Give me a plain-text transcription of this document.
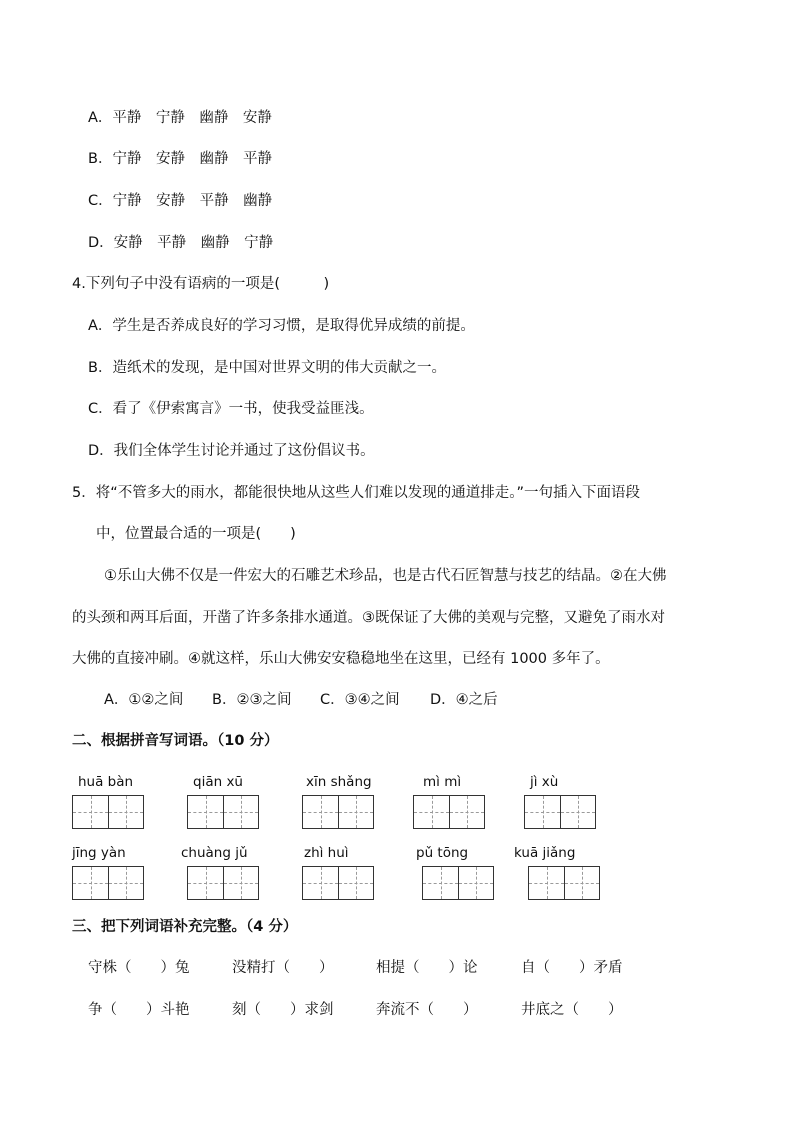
A．平静　宁静　幽静　安静
B．宁静　安静　幽静　平静
C．宁静　安静　平静　幽静
D．安静　平静　幽静　宁静
4.下列句子中没有语病的一项是(　　　)
A．学生是否养成良好的学习习惯，是取得优异成绩的前提。
B．造纸术的发现，是中国对世界文明的伟大贡献之一。
C．看了《伊索寓言》一书，使我受益匪浅。
D．我们全体学生讨论并通过了这份倡议书。
5．将“不管多大的雨水，都能很快地从这些人们难以发现的通道排走。”一句插入下面语段
中，位置最合适的一项是(　　)
①乐山大佛不仅是一件宏大的石雕艺术珍品，也是古代石匠智慧与技艺的结晶。②在大佛
的头颈和两耳后面，开凿了许多条排水通道。③既保证了大佛的美观与完整，又避免了雨水对
大佛的直接冲刷。④就这样，乐山大佛安安稳稳地坐在这里，已经有 1000 多年了。
A．①②之间 B．②③之间 C．③④之间 D．④之后
二、根据拼音写词语。（10 分）
huā bàn	qiān xū	xīn shǎng	mì mì	jì xù
jīng yàn	chuàng jǔ	zhì huì	pǔ tōng	kuā jiǎng
三、把下列词语补充完整。（4 分）
守株（　　）兔	没精打（　　）	相提（　　）论	自（　　）矛盾
争（　　）斗艳	刻（　　）求剑	奔流不（　　）	井底之（　　）
